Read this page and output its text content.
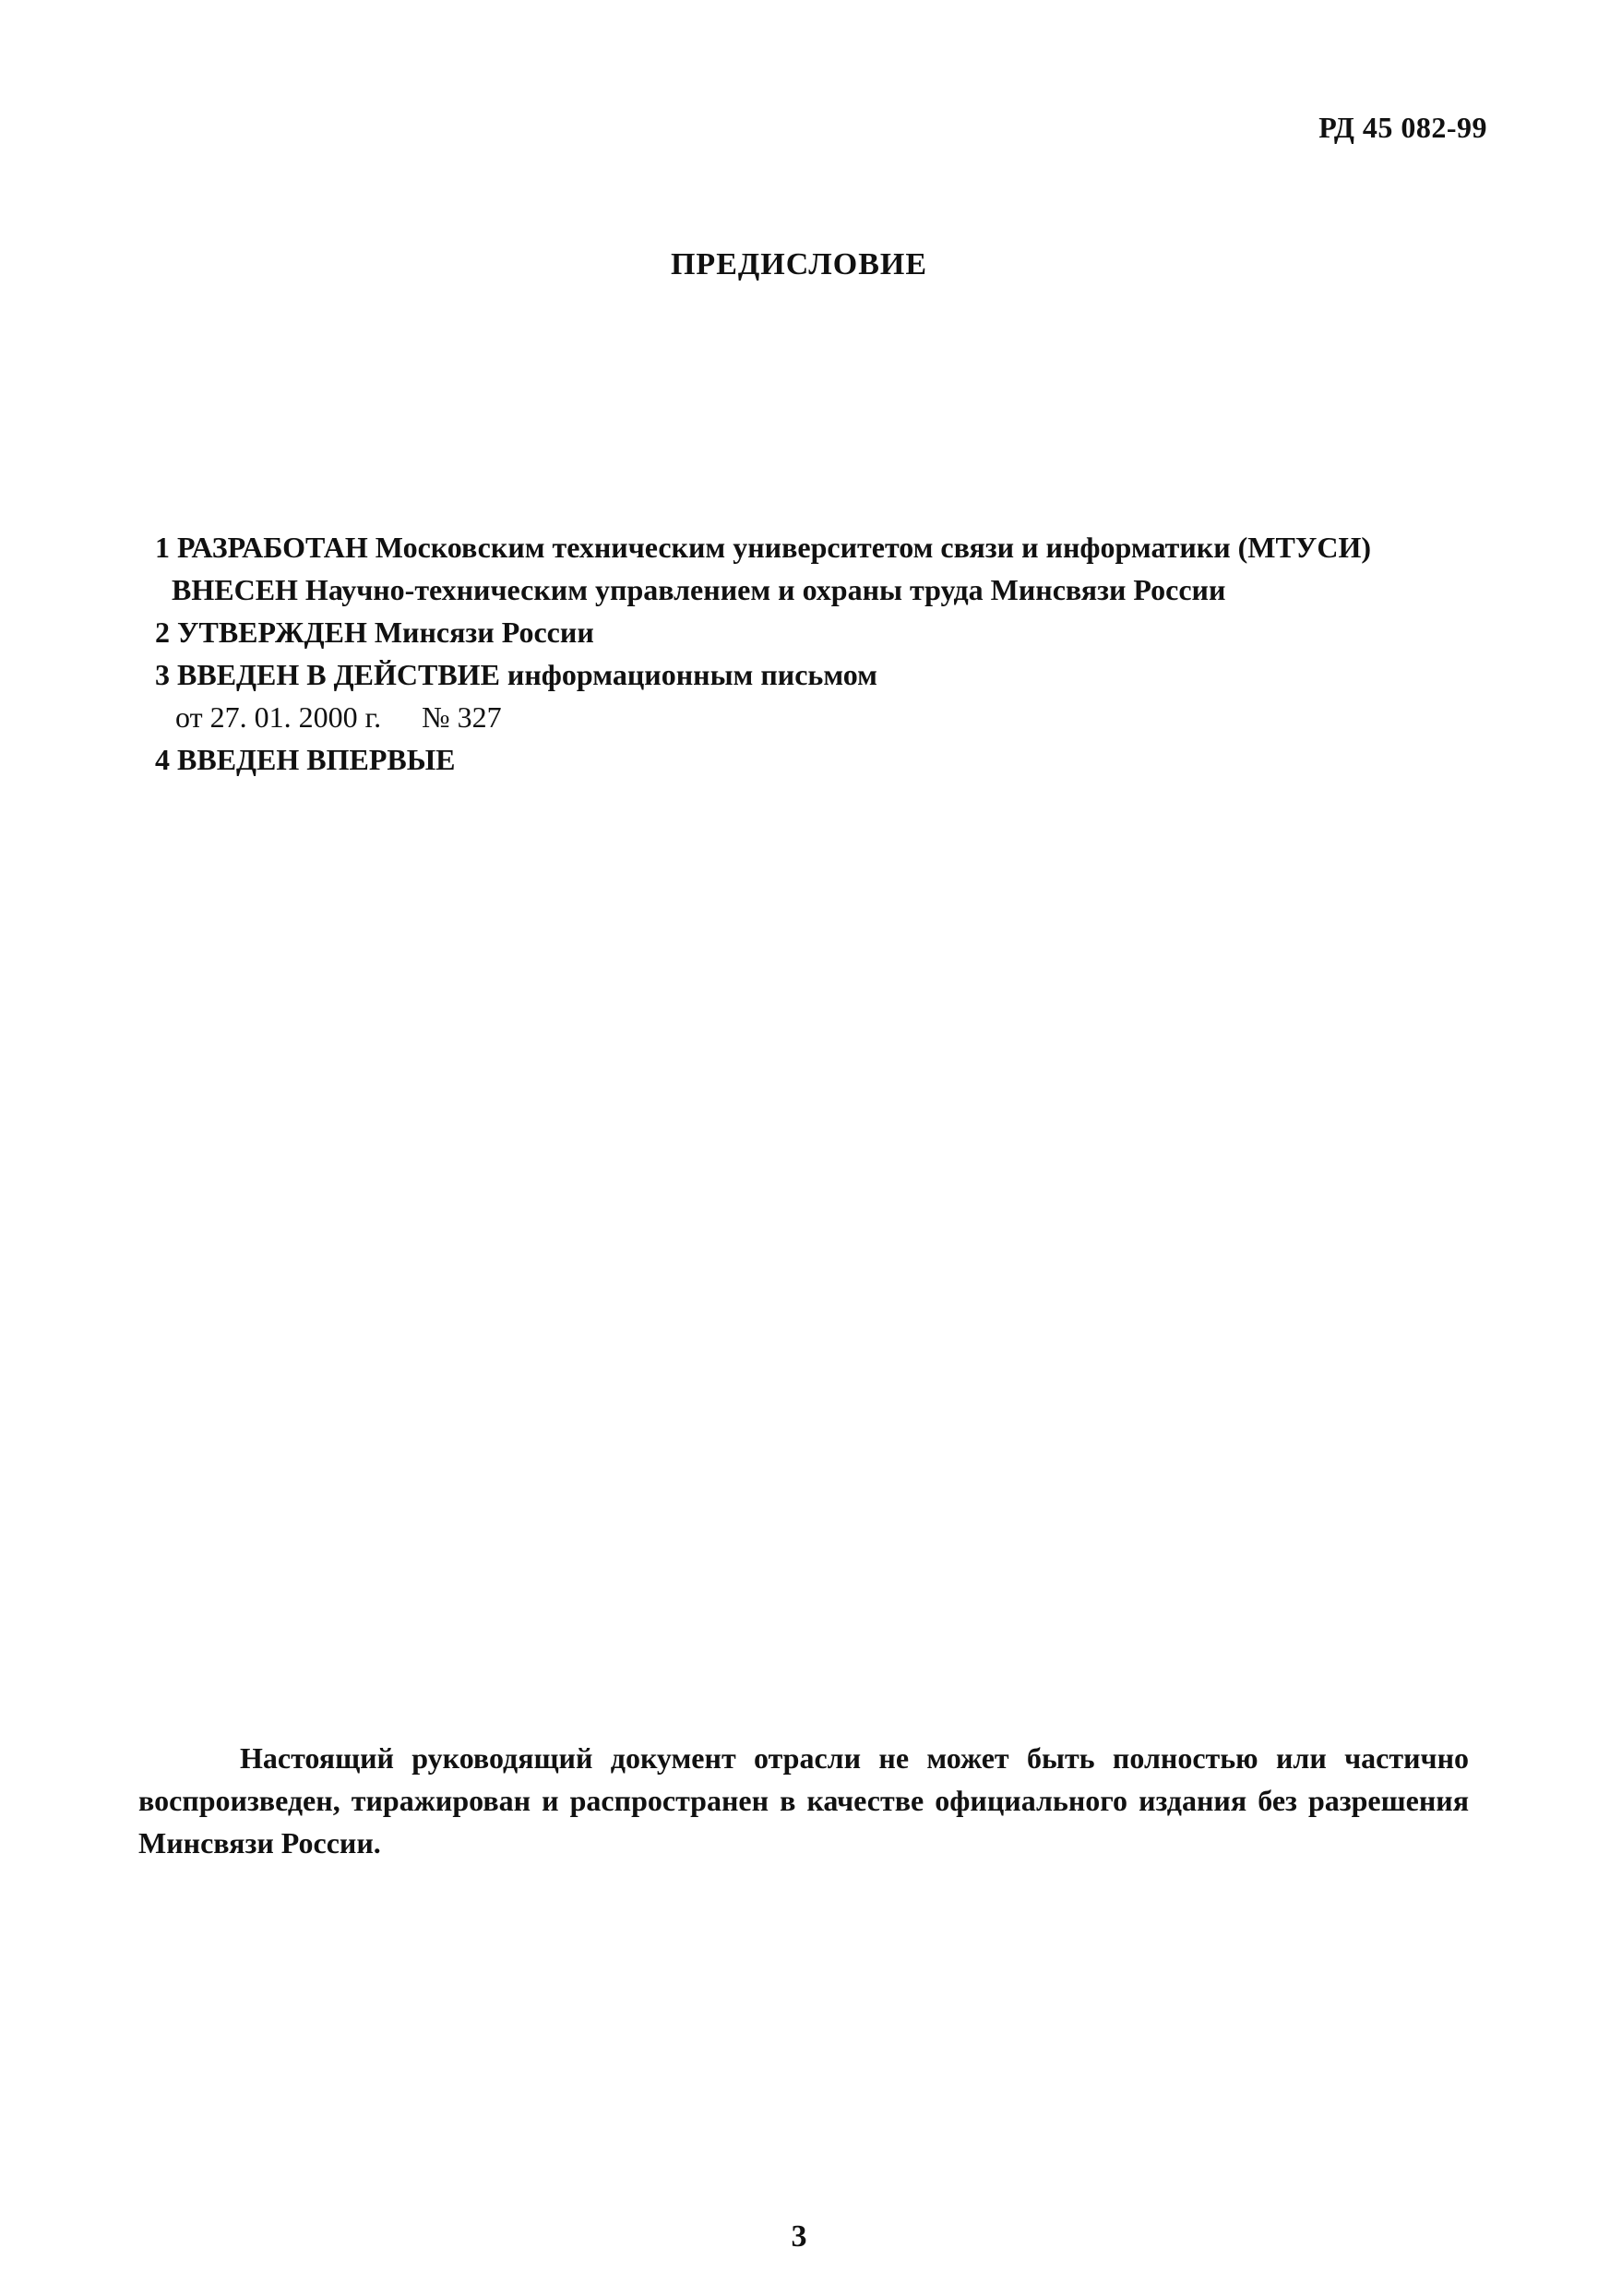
РД 45 082-99
ПРЕДИСЛОВИЕ
1 РАЗРАБОТАН Московским техническим университетом связи и информатики (МТУСИ)
ВНЕСЕН Научно-техническим управлением и охраны труда Минсвязи России
2 УТВЕРЖДЕН Минсязи России
3 ВВЕДЕН В ДЕЙСТВИЕ информационным письмом
от 27. 01. 2000 г. № 327
4 ВВЕДЕН ВПЕРВЫЕ
Настоящий руководящий документ отрасли не может быть полностью или частично воспроизведен, тиражирован и распространен в качестве официального издания без разрешения Минсвязи России.
3
